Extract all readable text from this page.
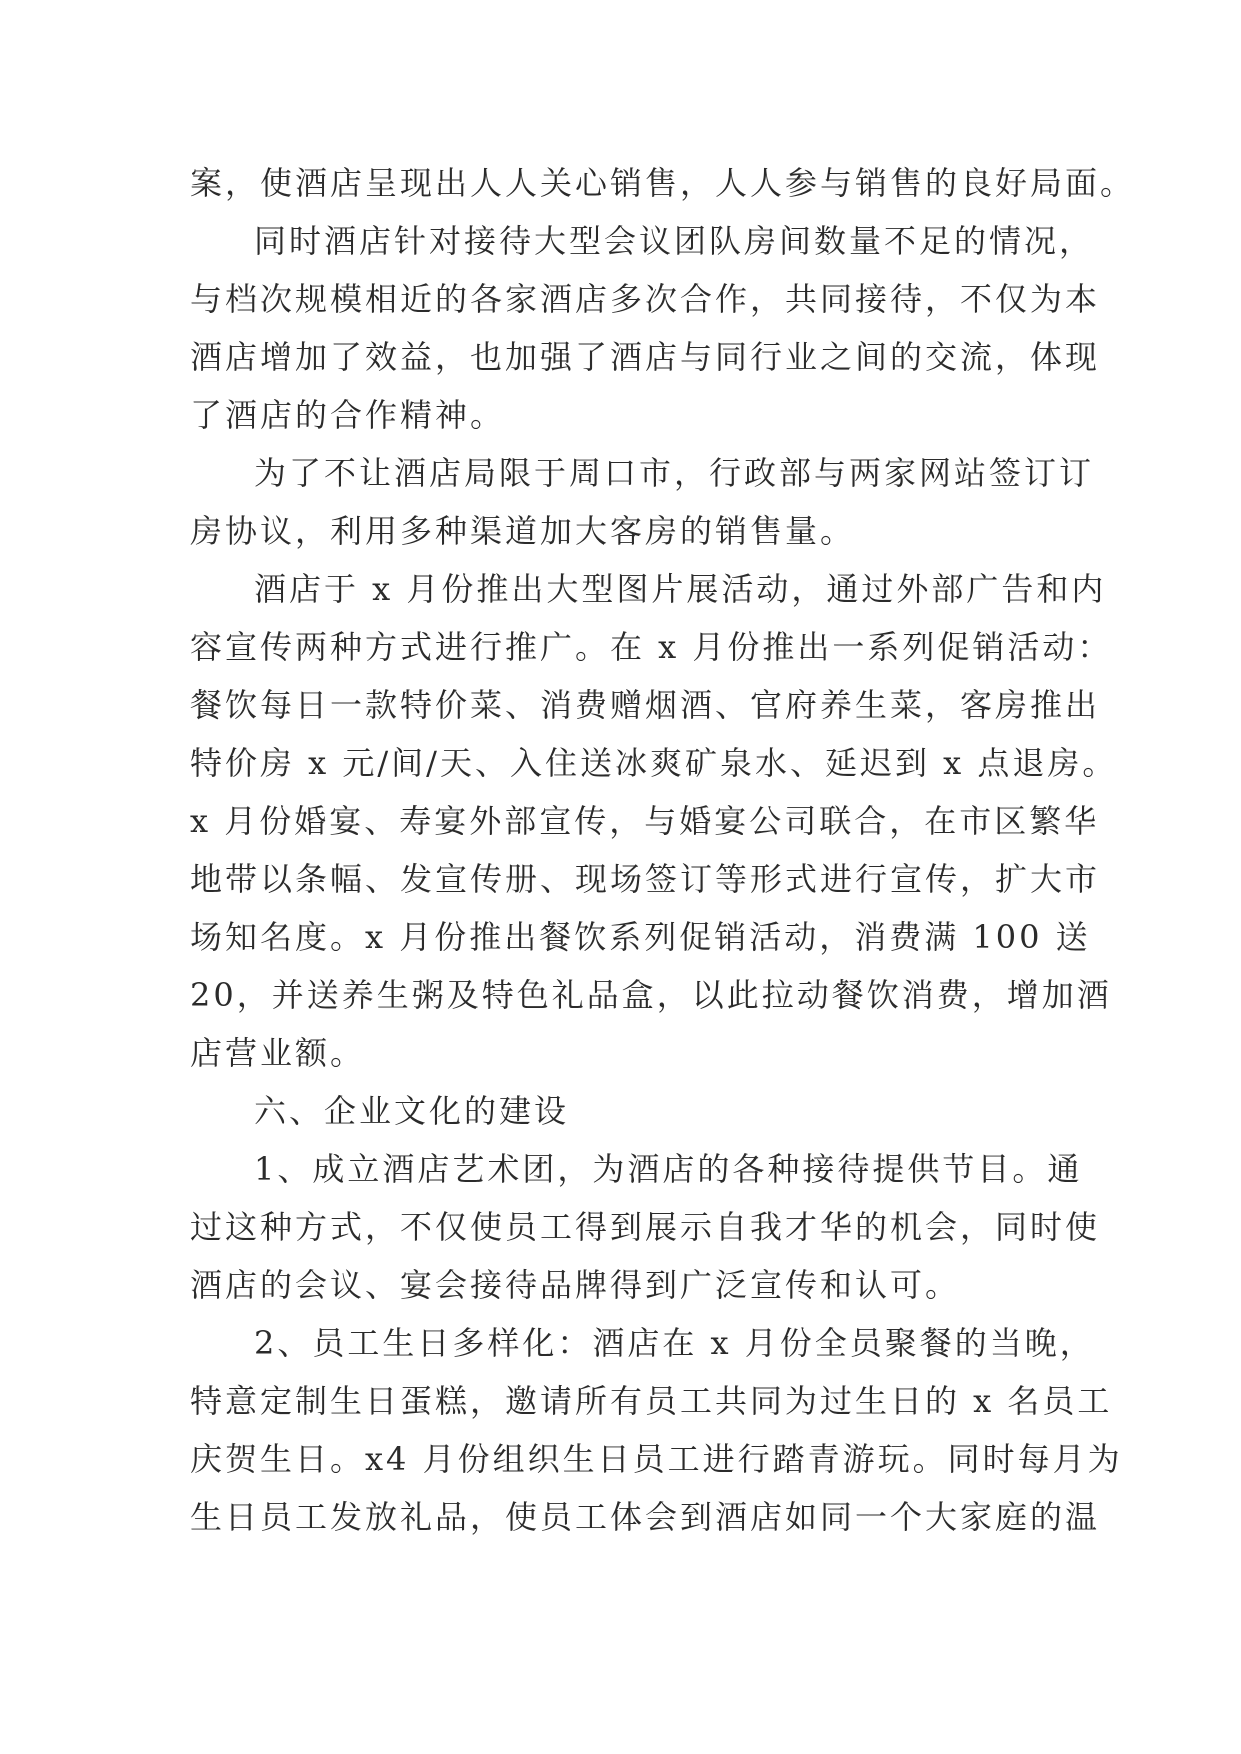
案，使酒店呈现出人人关心销售，人人参与销售的良好局面。
同时酒店针对接待大型会议团队房间数量不足的情况，
与档次规模相近的各家酒店多次合作，共同接待，不仅为本
酒店增加了效益，也加强了酒店与同行业之间的交流，体现
了酒店的合作精神。
为了不让酒店局限于周口市，行政部与两家网站签订订
房协议，利用多种渠道加大客房的销售量。
酒店于 x 月份推出大型图片展活动，通过外部广告和内
容宣传两种方式进行推广。在 x 月份推出一系列促销活动：
餐饮每日一款特价菜、消费赠烟酒、官府养生菜，客房推出
特价房 x 元/间/天、入住送冰爽矿泉水、延迟到 x 点退房。
x 月份婚宴、寿宴外部宣传，与婚宴公司联合，在市区繁华
地带以条幅、发宣传册、现场签订等形式进行宣传，扩大市
场知名度。x 月份推出餐饮系列促销活动，消费满 100 送
20，并送养生粥及特色礼品盒，以此拉动餐饮消费，增加酒
店营业额。
六、企业文化的建设
1、成立酒店艺术团，为酒店的各种接待提供节目。通
过这种方式，不仅使员工得到展示自我才华的机会，同时使
酒店的会议、宴会接待品牌得到广泛宣传和认可。
2、员工生日多样化：酒店在 x 月份全员聚餐的当晚，
特意定制生日蛋糕，邀请所有员工共同为过生日的 x 名员工
庆贺生日。x4 月份组织生日员工进行踏青游玩。同时每月为
生日员工发放礼品，使员工体会到酒店如同一个大家庭的温
